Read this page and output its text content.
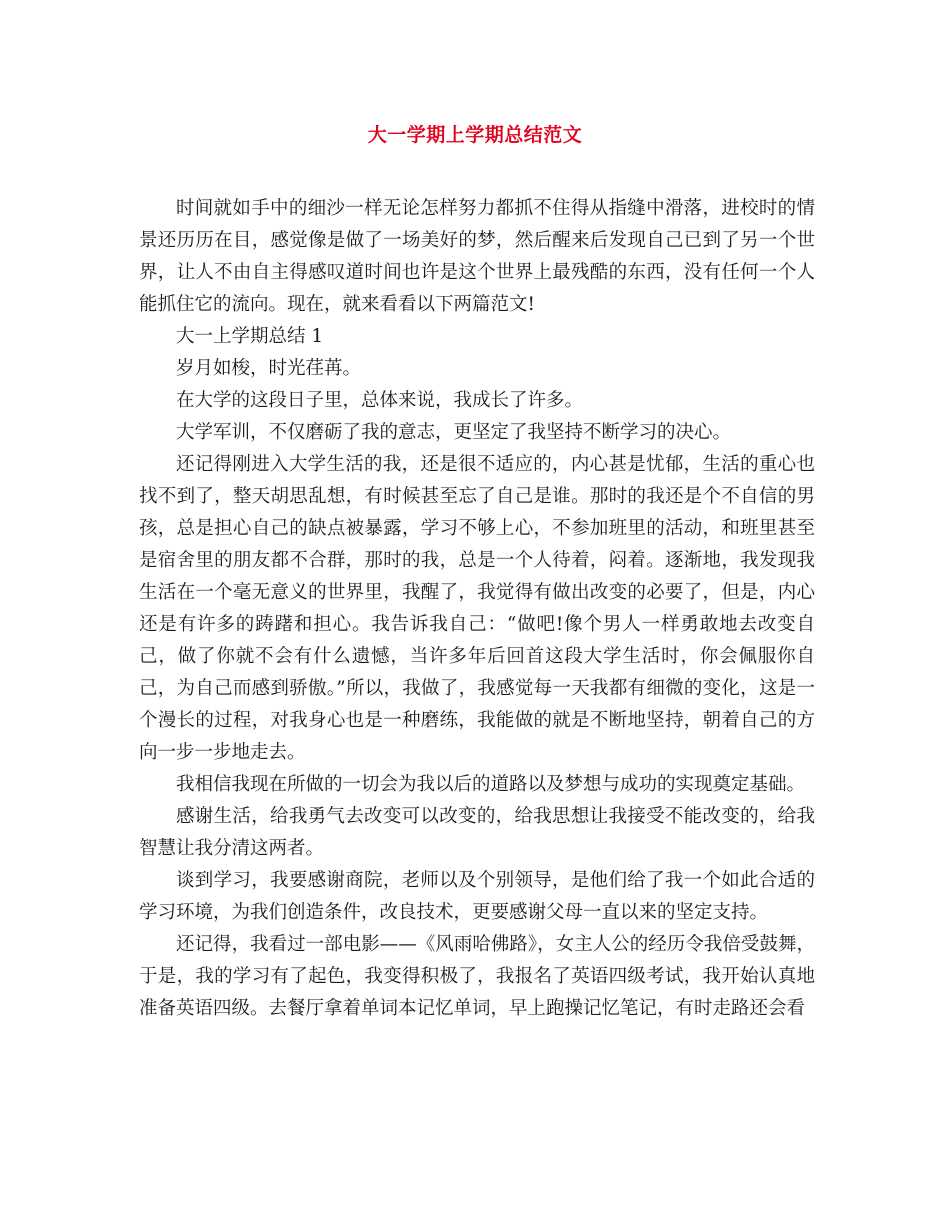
大一学期上学期总结范文

时间就如手中的细沙一样无论怎样努力都抓不住得从指缝中滑落，进校时的情景还历历在目，感觉像是做了一场美好的梦，然后醒来后发现自己已到了另一个世界，让人不由自主得感叹道时间也许是这个世界上最残酷的东西，没有任何一个人能抓住它的流向。现在，就来看看以下两篇范文!

大一上学期总结 1

岁月如梭，时光荏苒。

在大学的这段日子里，总体来说，我成长了许多。

大学军训，不仅磨砺了我的意志，更坚定了我坚持不断学习的决心。

还记得刚进入大学生活的我，还是很不适应的，内心甚是忧郁，生活的重心也找不到了，整天胡思乱想，有时候甚至忘了自己是谁。那时的我还是个不自信的男孩，总是担心自己的缺点被暴露，学习不够上心，不参加班里的活动，和班里甚至是宿舍里的朋友都不合群，那时的我，总是一个人待着，闷着。逐渐地，我发现我生活在一个毫无意义的世界里，我醒了，我觉得有做出改变的必要了，但是，内心还是有许多的踌躇和担心。我告诉我自己：“做吧!像个男人一样勇敢地去改变自己，做了你就不会有什么遗憾，当许多年后回首这段大学生活时，你会佩服你自己，为自己而感到骄傲。”所以，我做了，我感觉每一天我都有细微的变化，这是一个漫长的过程，对我身心也是一种磨练，我能做的就是不断地坚持，朝着自己的方向一步一步地走去。

我相信我现在所做的一切会为我以后的道路以及梦想与成功的实现奠定基础。

感谢生活，给我勇气去改变可以改变的，给我思想让我接受不能改变的，给我智慧让我分清这两者。

谈到学习，我要感谢商院，老师以及个别领导，是他们给了我一个如此合适的学习环境，为我们创造条件，改良技术，更要感谢父母一直以来的坚定支持。

还记得，我看过一部电影——《风雨哈佛路》，女主人公的经历令我倍受鼓舞，于是，我的学习有了起色，我变得积极了，我报名了英语四级考试，我开始认真地准备英语四级。去餐厅拿着单词本记忆单词，早上跑操记忆笔记，有时走路还会看
